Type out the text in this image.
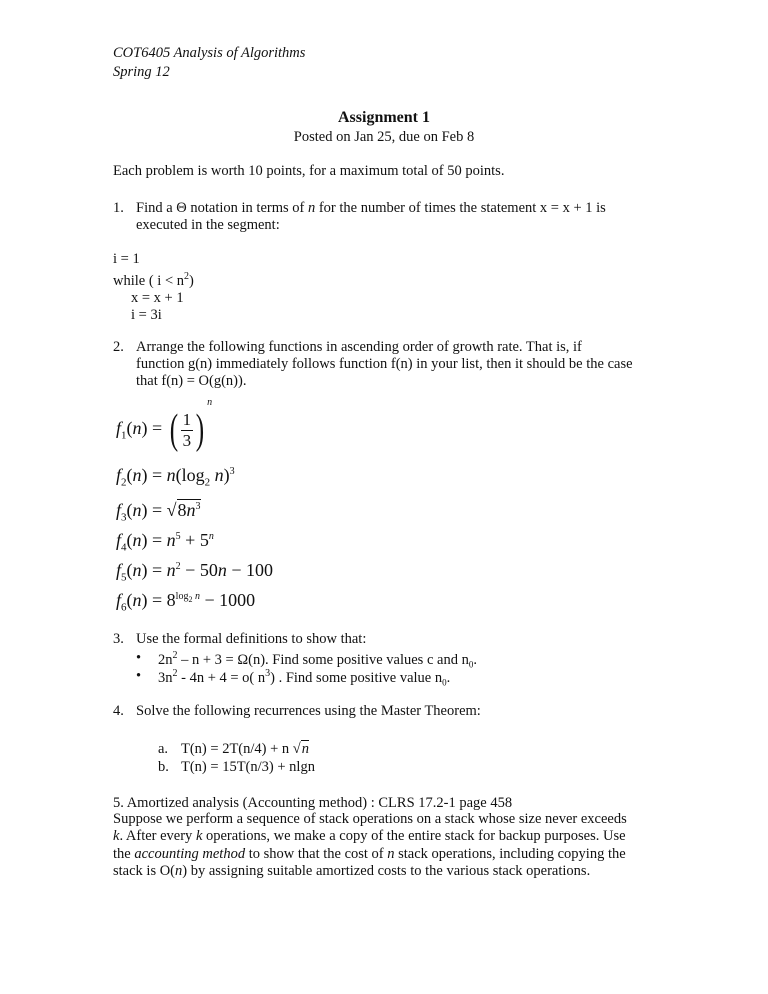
COT6405 Analysis of Algorithms
Spring 12
Assignment 1
Posted on Jan 25, due on Feb 8
Each problem is worth 10 points, for a maximum total of 50 points.
1. Find a Θ notation in terms of n for the number of times the statement x = x + 1 is
executed in the segment:
i = 1
while ( $i < n^2$)
x = x + 1
i = 3i
2. Arrange the following functions in ascending order of growth rate. That is, if
function g(n) immediately follows function f(n) in your list, then it should be the case
that f(n) = O(g(n)).
$f_1(n)$ = ( $\frac{1}{3} )^n$
$f_2(n) = n(\log_2$ n)$^3$
$f_3(n) = √8n^3$
$f_4(n) = n^5 + 5^n$
$f_5(n) = n^2 - 50n - 100$
$f_6(n) = 8^{log_2 n} - 1000$
3. Use the formal definitions to show that:
• $2n^2 - n + 3 = \Omega(n)$. Find some positive values c and $n_0$.
• $3n^2 - 4n + 4 = o$( $n^3$) . Find some positive value $n_0$.
4. Solve the following recurrences using the Master Theorem:
a. T(n) = 2T(n/4) + n √n
b. T(n) = 15T(n/3) + nlgn
5. Amortized analysis (Accounting method) : CLRS 17.2-1 page 458
Suppose we perform a sequence of stack operations on a stack whose size never exceeds
k. After every k operations, we make a copy of the entire stack for backup purposes. Use
the accounting method to show that the cost of n stack operations, including copying the
stack is O(n) by assigning suitable amortized costs to the various stack operations.
